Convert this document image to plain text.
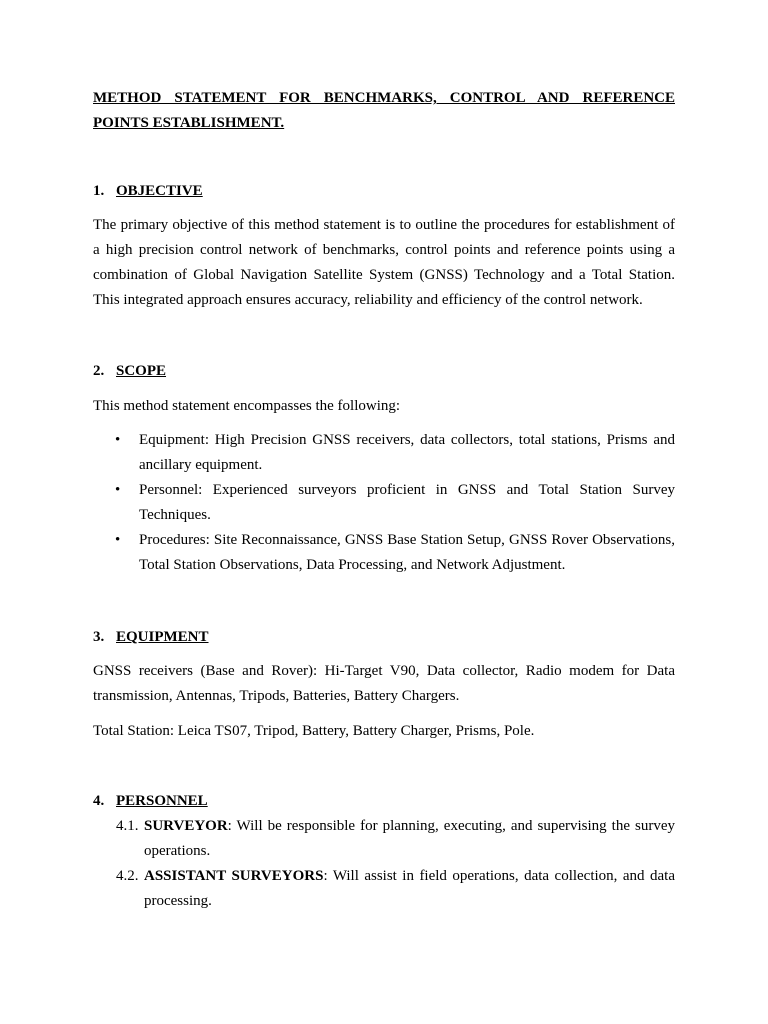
METHOD STATEMENT FOR BENCHMARKS, CONTROL AND REFERENCE POINTS ESTABLISHMENT.
1. OBJECTIVE
The primary objective of this method statement is to outline the procedures for establishment of a high precision control network of benchmarks, control points and reference points using a combination of Global Navigation Satellite System (GNSS) Technology and a Total Station. This integrated approach ensures accuracy, reliability and efficiency of the control network.
2. SCOPE
This method statement encompasses the following:
• Equipment: High Precision GNSS receivers, data collectors, total stations, Prisms and ancillary equipment.
• Personnel: Experienced surveyors proficient in GNSS and Total Station Survey Techniques.
• Procedures: Site Reconnaissance, GNSS Base Station Setup, GNSS Rover Observations, Total Station Observations, Data Processing, and Network Adjustment.
3. EQUIPMENT
GNSS receivers (Base and Rover): Hi-Target V90, Data collector, Radio modem for Data transmission, Antennas, Tripods, Batteries, Battery Chargers.
Total Station: Leica TS07, Tripod, Battery, Battery Charger, Prisms, Pole.
4. PERSONNEL
4.1. SURVEYOR: Will be responsible for planning, executing, and supervising the survey operations.
4.2. ASSISTANT SURVEYORS: Will assist in field operations, data collection, and data processing.
